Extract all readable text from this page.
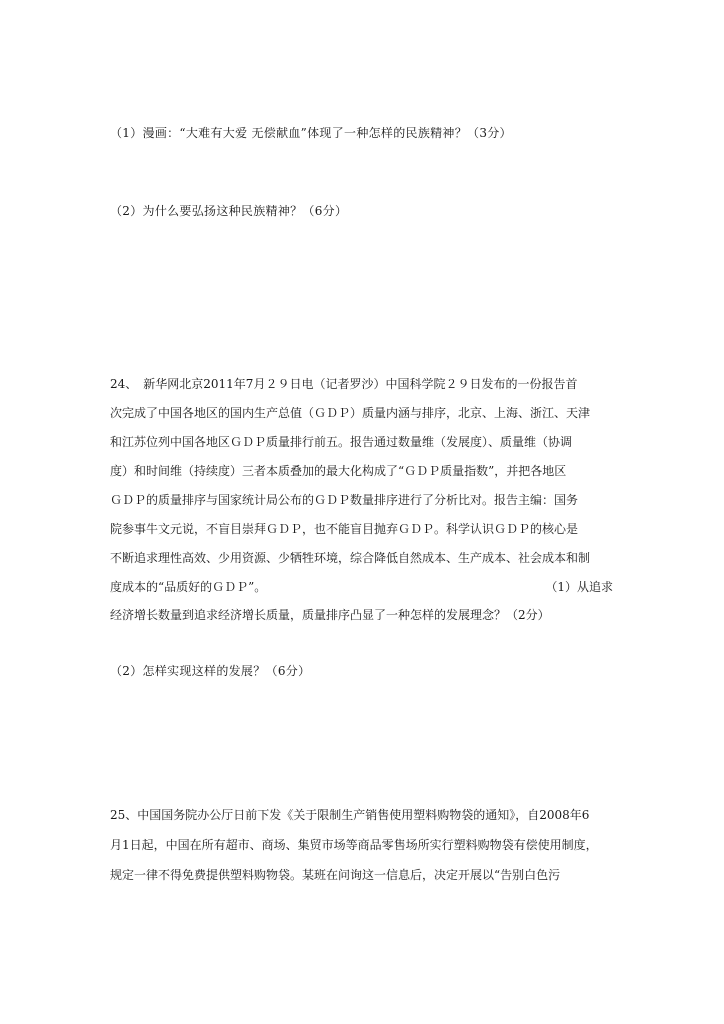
（1）漫画：“大难有大爱 无偿献血”体现了一种怎样的民族精神？（3分）
（2）为什么要弘扬这种民族精神？（6分）
24、　新华网北京2011年7月２９日电（记者罗沙）中国科学院２９日发布的一份报告首
次完成了中国各地区的国内生产总值（ＧＤＰ）质量内涵与排序，北京、上海、浙江、天津
和江苏位列中国各地区ＧＤＰ质量排行前五。报告通过数量维（发展度）、质量维（协调
度）和时间维（持续度）三者本质叠加的最大化构成了“ＧＤＰ质量指数”，并把各地区
ＧＤＰ的质量排序与国家统计局公布的ＧＤＰ数量排序进行了分析比对。报告主编：国务
院参事牛文元说，不盲目崇拜ＧＤＰ，也不能盲目抛弃ＧＤＰ。科学认识ＧＤＰ的核心是
不断追求理性高效、少用资源、少牺牲环境，综合降低自然成本、生产成本、社会成本和制
度成本的“品质好的ＧＤＰ”。	（1）从追求
经济增长数量到追求经济增长质量，质量排序凸显了一种怎样的发展理念？（2分）
（2）怎样实现这样的发展？（6分）
25、中国国务院办公厅日前下发《关于限制生产销售使用塑料购物袋的通知》，自2008年6
月1日起，中国在所有超市、商场、集贸市场等商品零售场所实行塑料购物袋有偿使用制度，
规定一律不得免费提供塑料购物袋。某班在问询这一信息后，决定开展以“告别白色污
